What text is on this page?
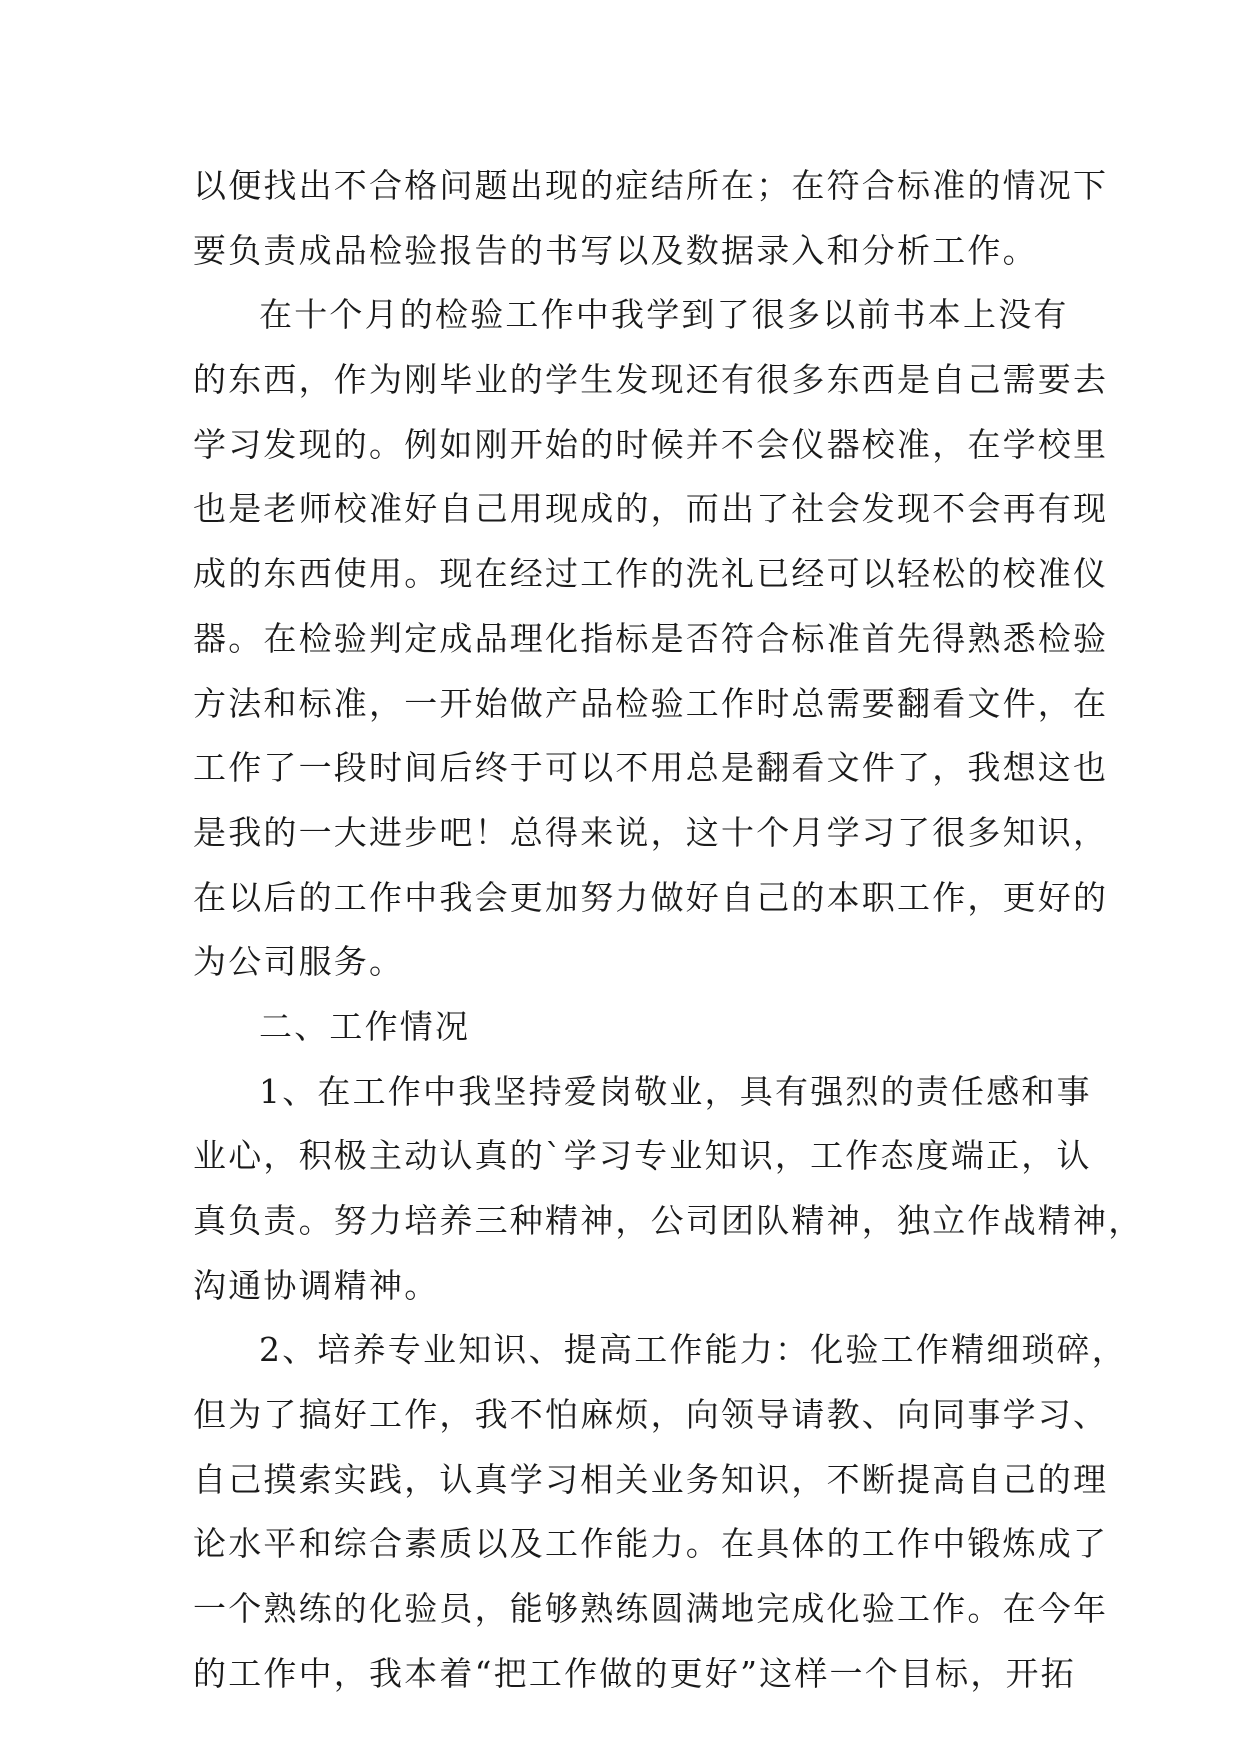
以便找出不合格问题出现的症结所在；在符合标准的情况下
要负责成品检验报告的书写以及数据录入和分析工作。
在十个月的检验工作中我学到了很多以前书本上没有
的东西，作为刚毕业的学生发现还有很多东西是自己需要去
学习发现的。例如刚开始的时候并不会仪器校准，在学校里
也是老师校准好自己用现成的，而出了社会发现不会再有现
成的东西使用。现在经过工作的洗礼已经可以轻松的校准仪
器。在检验判定成品理化指标是否符合标准首先得熟悉检验
方法和标准，一开始做产品检验工作时总需要翻看文件，在
工作了一段时间后终于可以不用总是翻看文件了，我想这也
是我的一大进步吧！总得来说，这十个月学习了很多知识，
在以后的工作中我会更加努力做好自己的本职工作，更好的
为公司服务。
二、工作情况
1、在工作中我坚持爱岗敬业，具有强烈的责任感和事
业心，积极主动认真的`学习专业知识，工作态度端正，认
真负责。努力培养三种精神，公司团队精神，独立作战精神，
沟通协调精神。
2、培养专业知识、提高工作能力：化验工作精细琐碎，
但为了搞好工作，我不怕麻烦，向领导请教、向同事学习、
自己摸索实践，认真学习相关业务知识，不断提高自己的理
论水平和综合素质以及工作能力。在具体的工作中锻炼成了
一个熟练的化验员，能够熟练圆满地完成化验工作。在今年
的工作中，我本着“把工作做的更好”这样一个目标，开拓
